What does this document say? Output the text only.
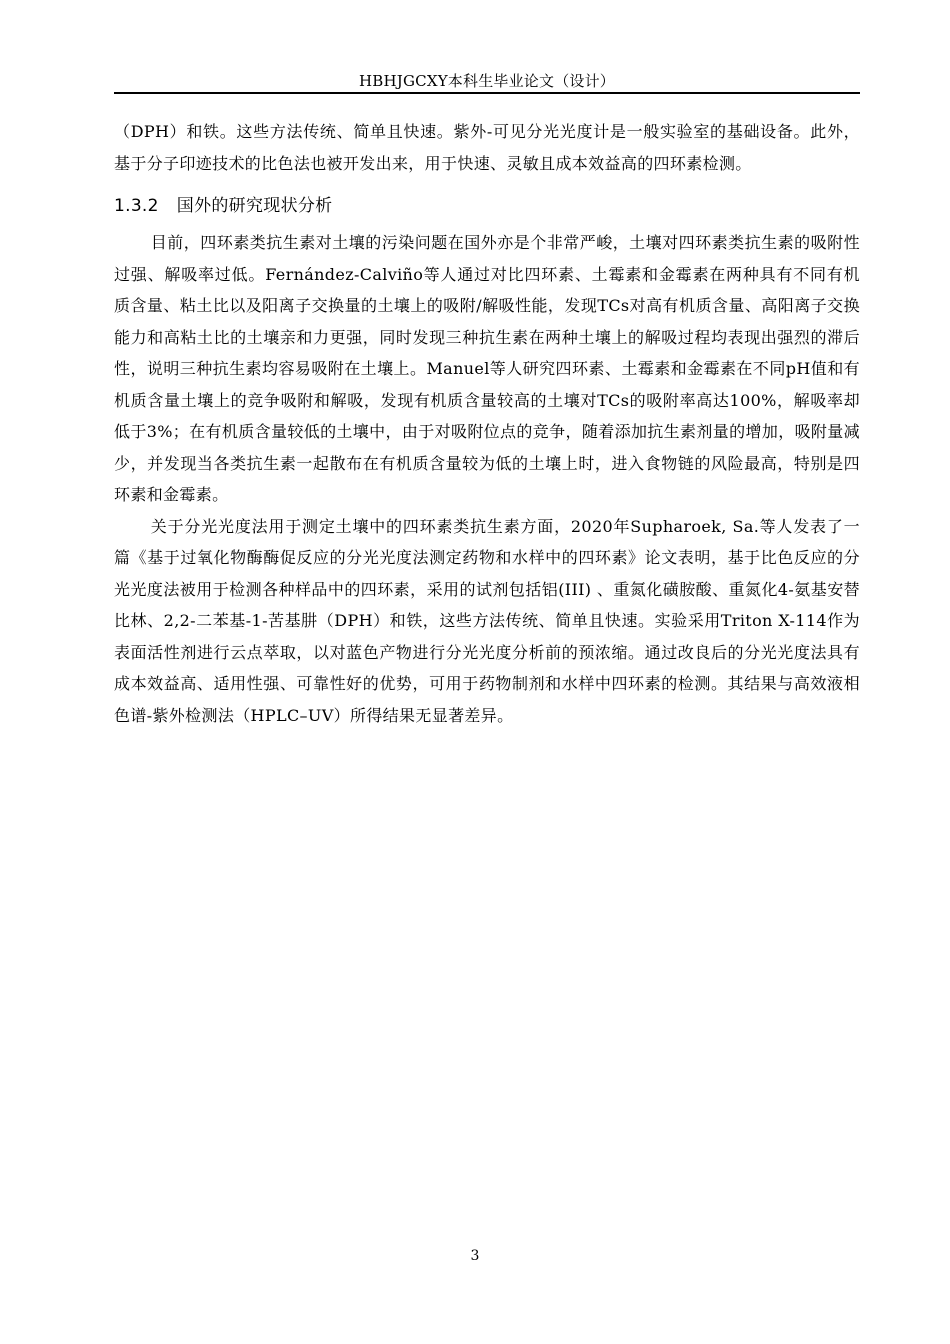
HBHJGCXY本科生毕业论文（设计）

（DPH）和铁。这些方法传统、简单且快速。紫外-可见分光光度计是一般实验室的基础设备。此外，基于分子印迹技术的比色法也被开发出来，用于快速、灵敏且成本效益高的四环素检测。

1.3.2 国外的研究现状分析

目前，四环素类抗生素对土壤的污染问题在国外亦是个非常严峻，土壤对四环素类抗生素的吸附性过强、解吸率过低。Fernández-Calviño等人通过对比四环素、土霉素和金霉素在两种具有不同有机质含量、粘土比以及阳离子交换量的土壤上的吸附/解吸性能，发现TCs对高有机质含量、高阳离子交换能力和高粘土比的土壤亲和力更强，同时发现三种抗生素在两种土壤上的解吸过程均表现出强烈的滞后性，说明三种抗生素均容易吸附在土壤上。Manuel等人研究四环素、土霉素和金霉素在不同pH值和有机质含量土壤上的竞争吸附和解吸，发现有机质含量较高的土壤对TCs的吸附率高达100%，解吸率却低于3%；在有机质含量较低的土壤中，由于对吸附位点的竞争，随着添加抗生素剂量的增加，吸附量减少，并发现当各类抗生素一起散布在有机质含量较为低的土壤上时，进入食物链的风险最高，特别是四环素和金霉素。

关于分光光度法用于测定土壤中的四环素类抗生素方面，2020年Supharoek, Sa.等人发表了一篇《基于过氧化物酶酶促反应的分光光度法测定药物和水样中的四环素》论文表明，基于比色反应的分光光度法被用于检测各种样品中的四环素，采用的试剂包括铝(III) 、重氮化磺胺酸、重氮化4-氨基安替比林、2,2-二苯基-1-苦基肼（DPH）和铁，这些方法传统、简单且快速。实验采用Triton X-114作为表面活性剂进行云点萃取，以对蓝色产物进行分光光度分析前的预浓缩。通过改良后的分光光度法具有成本效益高、适用性强、可靠性好的优势，可用于药物制剂和水样中四环素的检测。其结果与高效液相色谱-紫外检测法（HPLC–UV）所得结果无显著差异。

3
